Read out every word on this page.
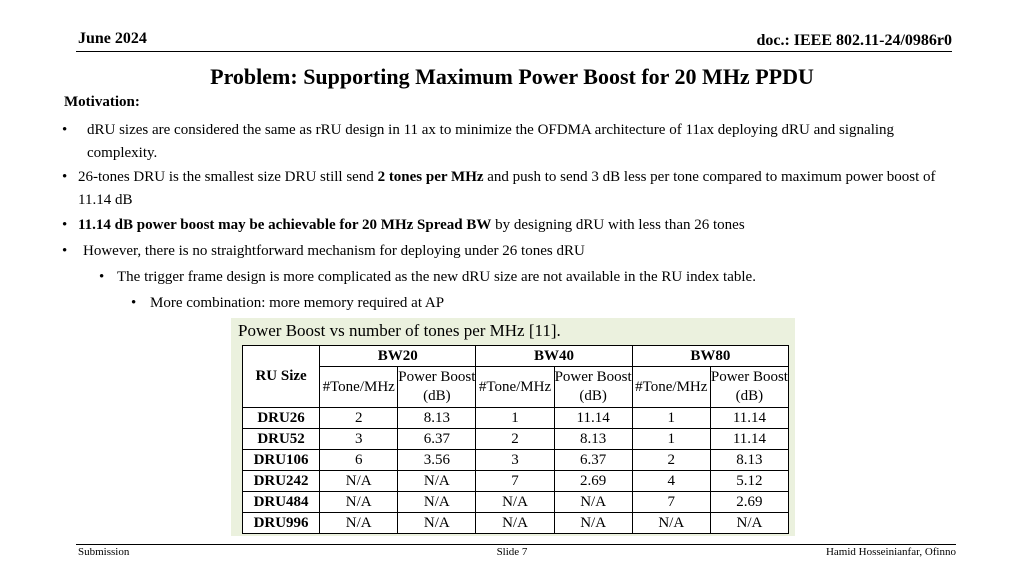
June 2024	doc.: IEEE 802.11-24/0986r0
Problem: Supporting Maximum Power Boost for 20 MHz PPDU
Motivation:
•	dRU sizes are considered the same as rRU design in 11 ax to minimize the OFDMA architecture of 11ax deploying dRU and signaling complexity.
• 26-tones DRU is the smallest size DRU still send 2 tones per MHz and push to send 3 dB less per tone compared to maximum power boost of 11.14 dB
• 11.14 dB power boost may be achievable for 20 MHz Spread BW by designing dRU with less than 26 tones
•	However, there is no straightforward mechanism for deploying under 26 tones dRU
• The trigger frame design is more complicated as the new dRU size are not available in the RU index table.
• More combination: more memory required at AP
Power Boost vs number of tones per MHz [11].
RU Size	BW20		BW40		BW80	
	#Tone/MHz	Power Boost (dB)	#Tone/MHz	Power Boost (dB)	#Tone/MHz	Power Boost (dB)

DRU26	2	8.13	1	11.14	1	11.14
DRU52	3	6.37	2	8.13	1	11.14
DRU106	6	3.56	3	6.37	2	8.13
DRU242	N/A	N/A	7	2.69	4	5.12
DRU484	N/A	N/A	N/A	N/A	7	2.69
DRU996	N/A	N/A	N/A	N/A	N/A	N/A
Submission	Slide 7	Hamid Hosseinianfar, Ofinno
